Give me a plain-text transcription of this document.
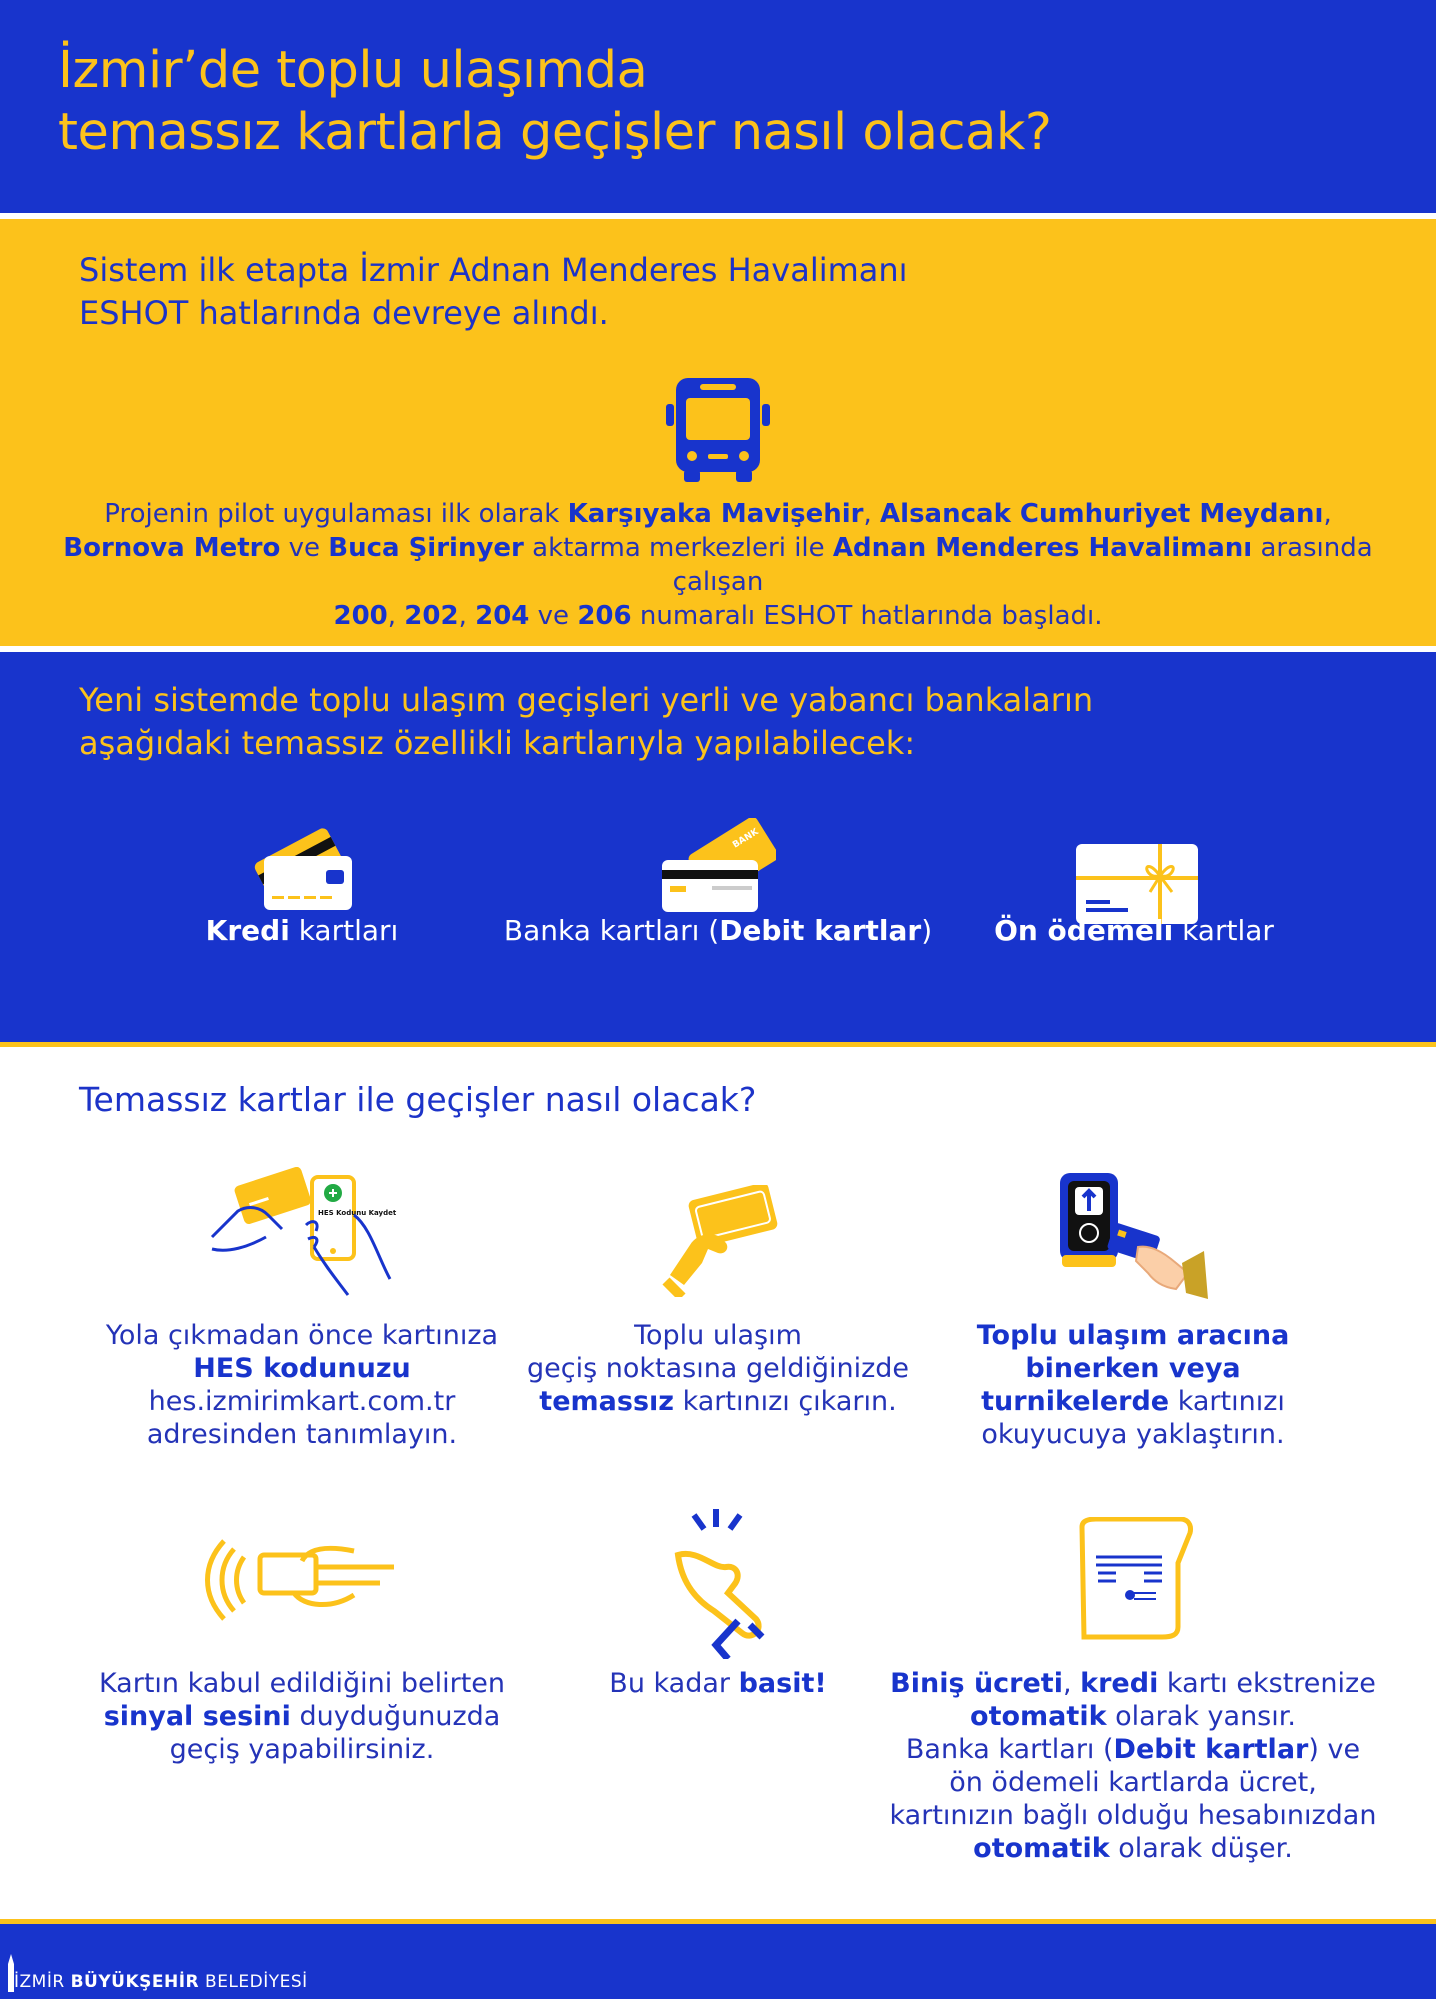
İzmir’de toplu ulaşımda
temassız kartlarla geçişler nasıl olacak?
Sistem ilk etapta İzmir Adnan Menderes Havalimanı
ESHOT hatlarında devreye alındı.
Projenin pilot uygulaması ilk olarak Karşıyaka Mavişehir, Alsancak Cumhuriyet Meydanı,
Bornova Metro ve Buca Şirinyer aktarma merkezleri ile Adnan Menderes Havalimanı arasında çalışan
200, 202, 204 ve 206 numaralı ESHOT hatlarında başladı.
Yeni sistemde toplu ulaşım geçişleri yerli ve yabancı bankaların
aşağıdaki temassız özellikli kartlarıyla yapılabilecek:
BANK
Kredi kartları	Banka kartları (Debit kartlar)	Ön ödemeli kartlar
Temassız kartlar ile geçişler nasıl olacak?
HES Kodunu Kaydet
Yola çıkmadan önce kartınıza
HES kodunuzu
hes.izmirimkart.com.tr
adresinden tanımlayın.
Toplu ulaşım
geçiş noktasına geldiğinizde
temassız kartınızı çıkarın.
Toplu ulaşım aracına
binerken veya
turnikelerde kartınızı
okuyucuya yaklaştırın.
Kartın kabul edildiğini belirten
sinyal sesini duyduğunuzda
geçiş yapabilirsiniz.
Bu kadar basit!	Biniş ücreti, kredi kartı ekstrenize
otomatik olarak yansır.
Banka kartları (Debit kartlar) ve
ön ödemeli kartlarda ücret,
kartınızın bağlı olduğu hesabınızdan
otomatik olarak düşer.
İZMİR BÜYÜKŞEHİR BELEDİYESİ
